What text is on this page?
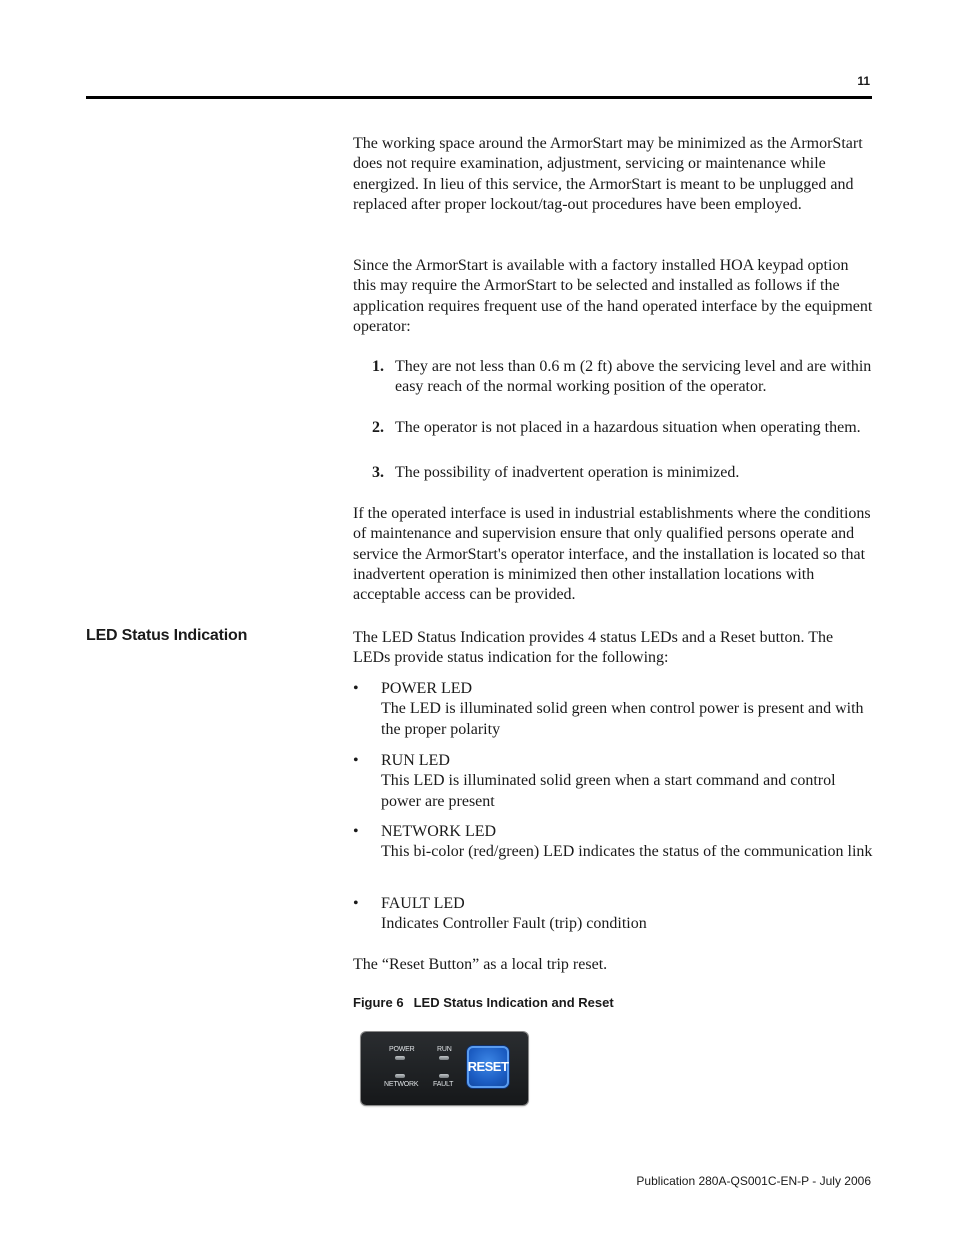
11

The working space around the ArmorStart may be minimized as the ArmorStart does not require examination, adjustment, servicing or maintenance while energized. In lieu of this service, the ArmorStart is meant to be unplugged and replaced after proper lockout/tag-out procedures have been employed.

Since the ArmorStart is available with a factory installed HOA keypad option this may require the ArmorStart to be selected and installed as follows if the application requires frequent use of the hand operated interface by the equipment operator:

1. They are not less than 0.6 m (2 ft) above the servicing level and are within easy reach of the normal working position of the operator.
2. The operator is not placed in a hazardous situation when operating them.
3. The possibility of inadvertent operation is minimized.

If the operated interface is used in industrial establishments where the conditions of maintenance and supervision ensure that only qualified persons operate and service the ArmorStart's operator interface, and the installation is located so that inadvertent operation is minimized then other installation locations with acceptable access can be provided.

LED Status Indication	The LED Status Indication provides 4 status LEDs and a Reset button. The LEDs provide status indication for the following:

• POWER LED
The LED is illuminated solid green when control power is present and with the proper polarity
• RUN LED
This LED is illuminated solid green when a start command and control power are present
• NETWORK LED
This bi-color (red/green) LED indicates the status of the communication link
• FAULT LED
Indicates Controller Fault (trip) condition

The “Reset Button” as a local trip reset.

Figure 6 LED Status Indication and Reset
POWER	RUN
NETWORK FAULT
RESET
Publication 280A-QS001C-EN-P - July 2006
